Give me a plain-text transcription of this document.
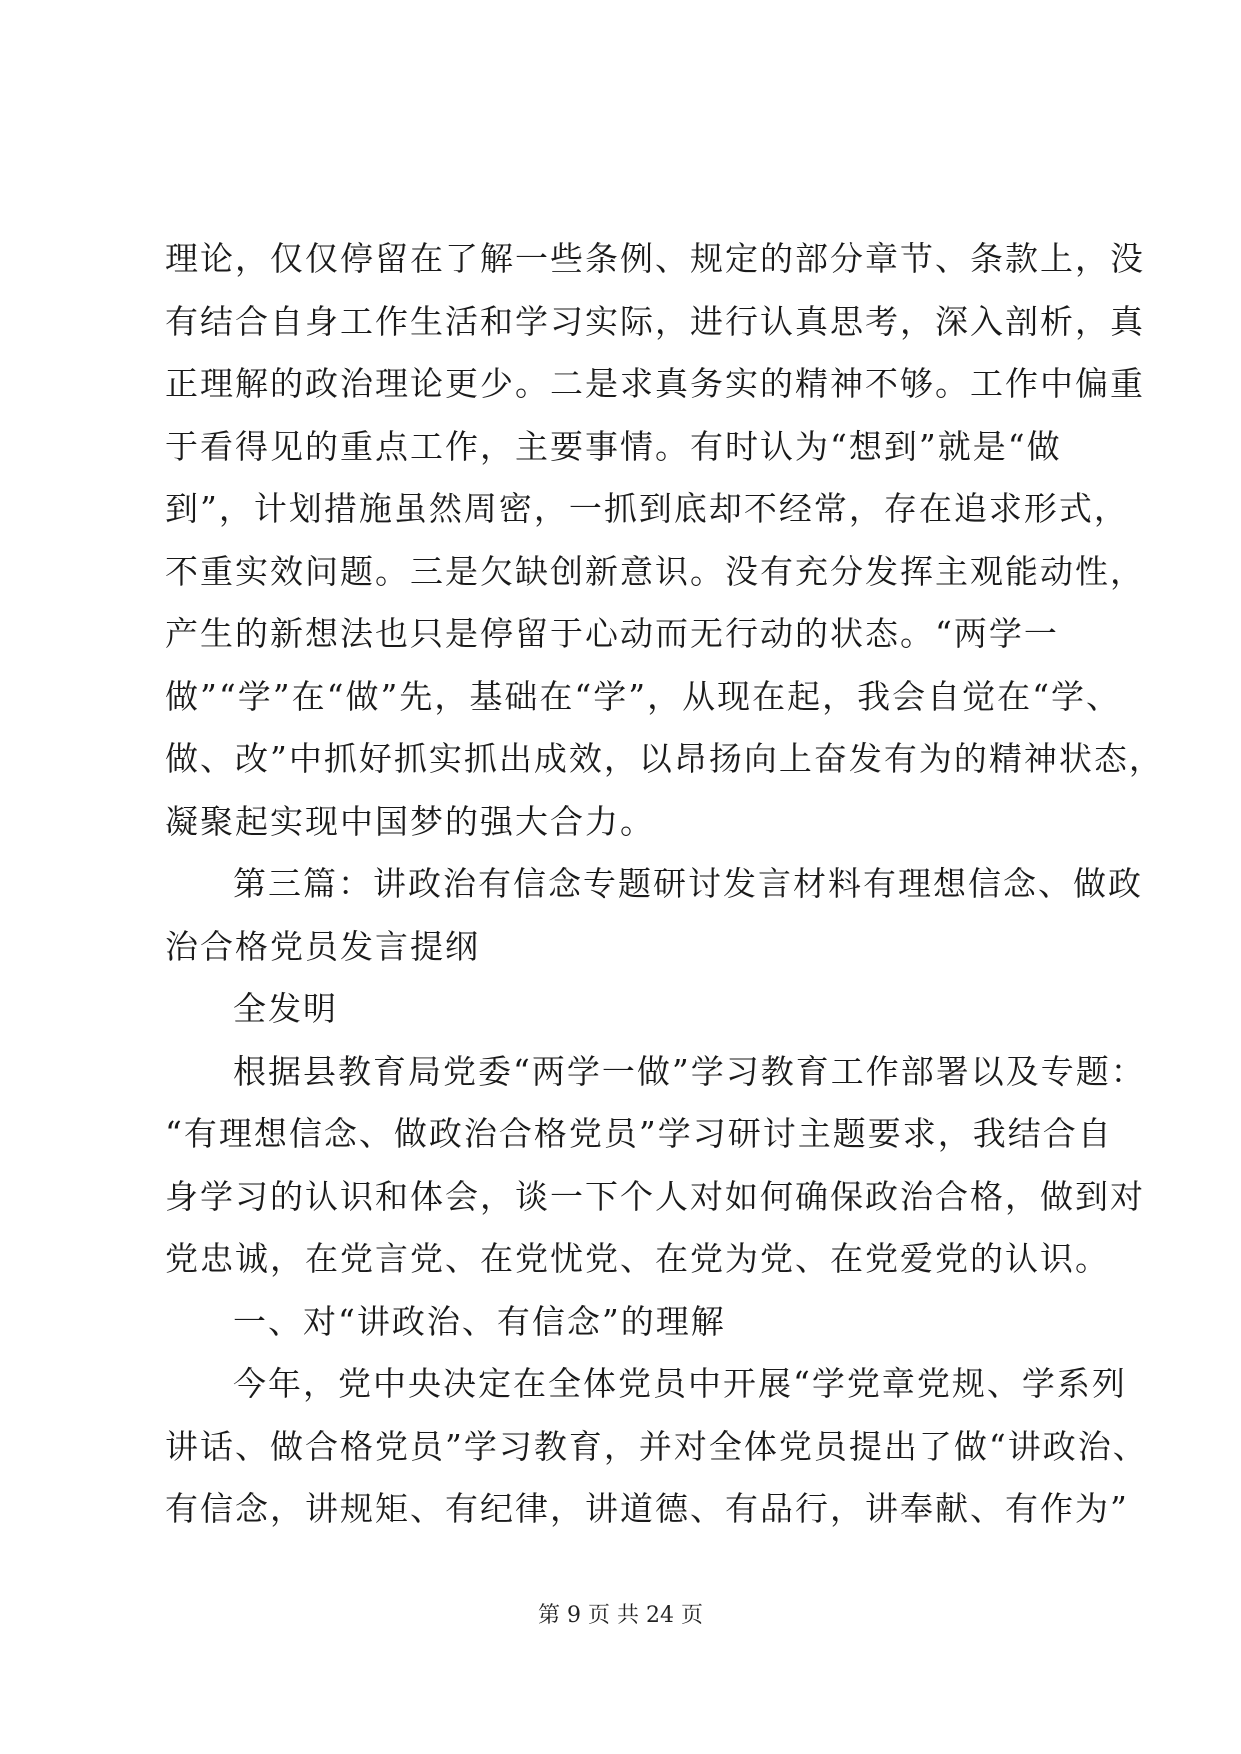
理论，仅仅停留在了解一些条例、规定的部分章节、条款上，没
有结合自身工作生活和学习实际，进行认真思考，深入剖析，真
正理解的政治理论更少。二是求真务实的精神不够。工作中偏重
于看得见的重点工作，主要事情。有时认为“想到”就是“做
到”，计划措施虽然周密，一抓到底却不经常，存在追求形式，
不重实效问题。三是欠缺创新意识。没有充分发挥主观能动性，
产生的新想法也只是停留于心动而无行动的状态。“两学一
做”“学”在“做”先，基础在“学”，从现在起，我会自觉在“学、
做、改”中抓好抓实抓出成效，以昂扬向上奋发有为的精神状态，
凝聚起实现中国梦的强大合力。
第三篇：讲政治有信念专题研讨发言材料有理想信念、做政
治合格党员发言提纲
全发明
根据县教育局党委“两学一做”学习教育工作部署以及专题：
“有理想信念、做政治合格党员”学习研讨主题要求，我结合自
身学习的认识和体会，谈一下个人对如何确保政治合格，做到对
党忠诚，在党言党、在党忧党、在党为党、在党爱党的认识。
一、对“讲政治、有信念”的理解
今年，党中央决定在全体党员中开展“学党章党规、学系列
讲话、做合格党员”学习教育，并对全体党员提出了做“讲政治、
有信念，讲规矩、有纪律，讲道德、有品行，讲奉献、有作为”
第 9 页 共 24 页
